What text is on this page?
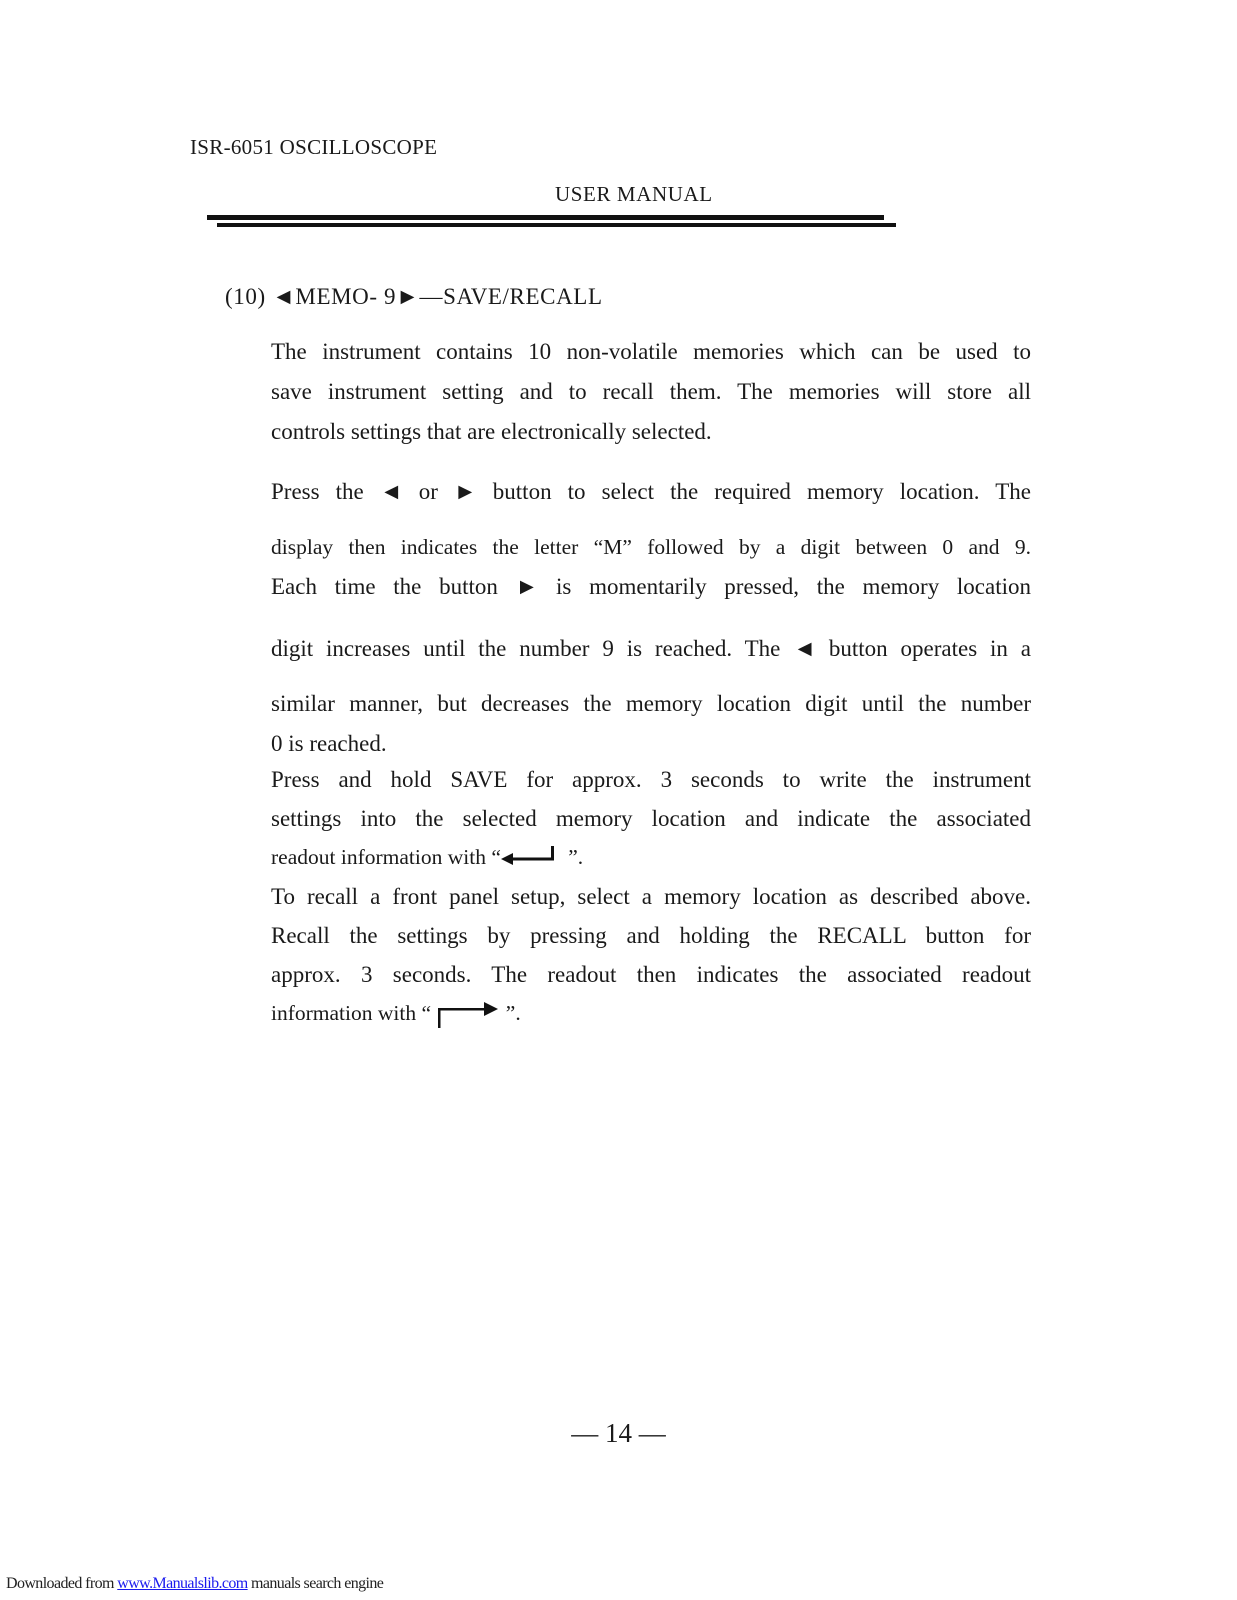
ISR-6051 OSCILLOSCOPE
USER MANUAL
(10) ◄MEMO- 9►—SAVE/RECALL
The instrument contains 10 non-volatile memories which can be used to
save instrument setting and to recall them. The memories will store all
controls settings that are electronically selected.
Press the ◄ or ► button to select the required memory location. The
display then indicates the letter “M” followed by a digit between 0 and 9.
Each time the button ► is momentarily pressed, the memory location
digit increases until the number 9 is reached. The ◄ button operates in a
similar manner, but decreases the memory location digit until the number
0 is reached.
Press and hold SAVE for approx. 3 seconds to write the instrument
settings into the selected memory location and indicate the associated
readout information with “	”.
To recall a front panel setup, select a memory location as described above.
Recall the settings by pressing and holding the RECALL button for
approx. 3 seconds. The readout then indicates the associated readout
information with “	”.
— 14 —
Downloaded from www.Manualslib.com manuals search engine
